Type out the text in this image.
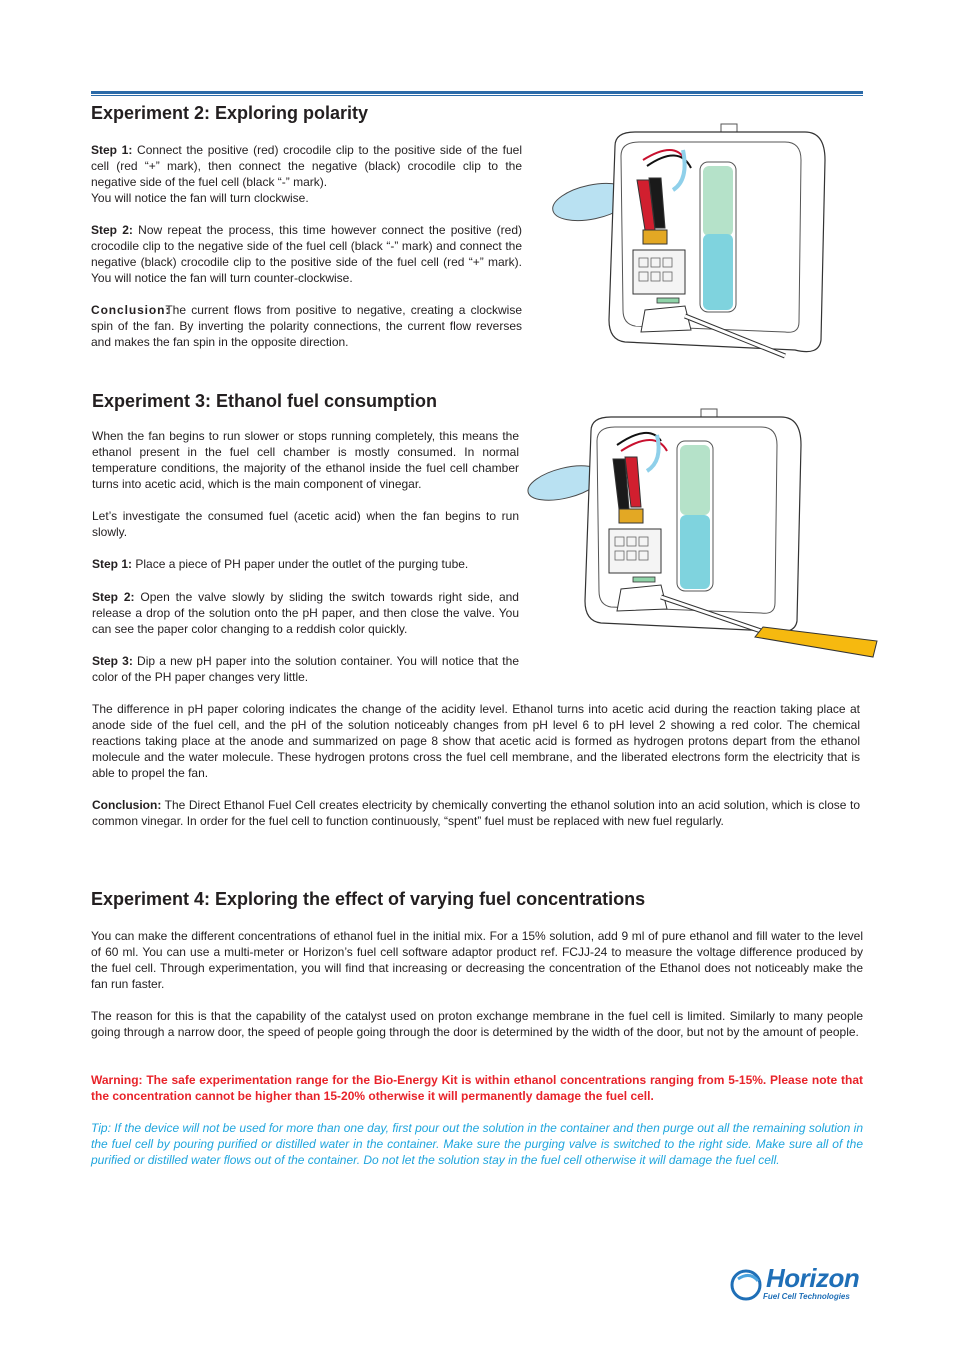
Experiment 2: Exploring polarity

Step 1: Connect the positive (red) crocodile clip to the positive side of the fuel cell (red “+” mark), then connect the negative (black) crocodile clip to the negative side of the fuel cell (black “-” mark).

You will notice the fan will turn clockwise.

Step 2: Now repeat the process, this time however connect the positive (red) crocodile clip to the negative side of the fuel cell (black “-” mark) and connect the negative (black) crocodile clip to the positive side of the fuel cell (red “+” mark). You will notice the fan will turn counter-clockwise.

Conclusion:

The current flows from positive to negative, creating a clockwise spin of the fan. By inverting the polarity connections, the current flow reverses and makes the fan spin in the opposite direction.

Experiment 3: Ethanol fuel consumption

When the fan begins to run slower or stops running completely, this means the ethanol present in the fuel cell chamber is mostly consumed. In normal temperature conditions, the majority of the ethanol inside the fuel cell chamber turns into acetic acid, which is the main component of vinegar.

Let’s investigate the consumed fuel (acetic acid) when the fan begins to run slowly.

Step 1: Place a piece of PH paper under the outlet of the purging tube.

Step 2: Open the valve slowly by sliding the switch towards right side, and release a drop of the solution onto the pH paper, and then close the valve. You can see the paper color changing to a reddish color quickly.

Step 3: Dip a new pH paper into the solution container. You will notice that the color of the PH paper changes very little.

The difference in pH paper coloring indicates the change of the acidity level. Ethanol turns into acetic acid during the reaction taking place at anode side of the fuel cell, and the pH of the solution noticeably changes from pH level 6 to pH level 2 showing a red color. The chemical reactions taking place at the anode and summarized on page 8 show that acetic acid is formed as hydrogen protons depart from the ethanol molecule and the water molecule. These hydrogen protons cross the fuel cell membrane, and the liberated electrons form the electricity that is able to propel the fan.

Conclusion: The Direct Ethanol Fuel Cell creates electricity by chemically converting the ethanol solution into an acid solution, which is close to common vinegar. In order for the fuel cell to function continuously, “spent” fuel must be replaced with new fuel regularly.

Experiment 4: Exploring the effect of varying fuel concentrations

You can make the different concentrations of ethanol fuel in the initial mix. For a 15% solution, add 9 ml of pure ethanol and fill water to the level of 60 ml. You can use a multi-meter or Horizon’s fuel cell software adaptor product ref. FCJJ-24 to measure the voltage difference produced by the fuel cell. Through experimentation, you will find that increasing or decreasing the concentration of the Ethanol does not noticeably make the fan run faster.

The reason for this is that the capability of the catalyst used on proton exchange membrane in the fuel cell is limited. Similarly to many people going through a narrow door, the speed of people going through the door is determined by the width of the door, but not by the amount of people.

Warning: The safe experimentation range for the Bio-Energy Kit is within ethanol concentrations ranging from 5-15%. Please note that the concentration cannot be higher than 15-20% otherwise it will permanently damage the fuel cell.

Tip: If the device will not be used for more than one day, first pour out the solution in the container and then purge out all the remaining solution in the fuel cell by pouring purified or distilled water in the container. Make sure the purging valve is switched to the right side. Make sure all of the purified or distilled water flows out of the container. Do not let the solution stay in the fuel cell otherwise it will damage the fuel cell.

Horizon
Fuel Cell Technologies
